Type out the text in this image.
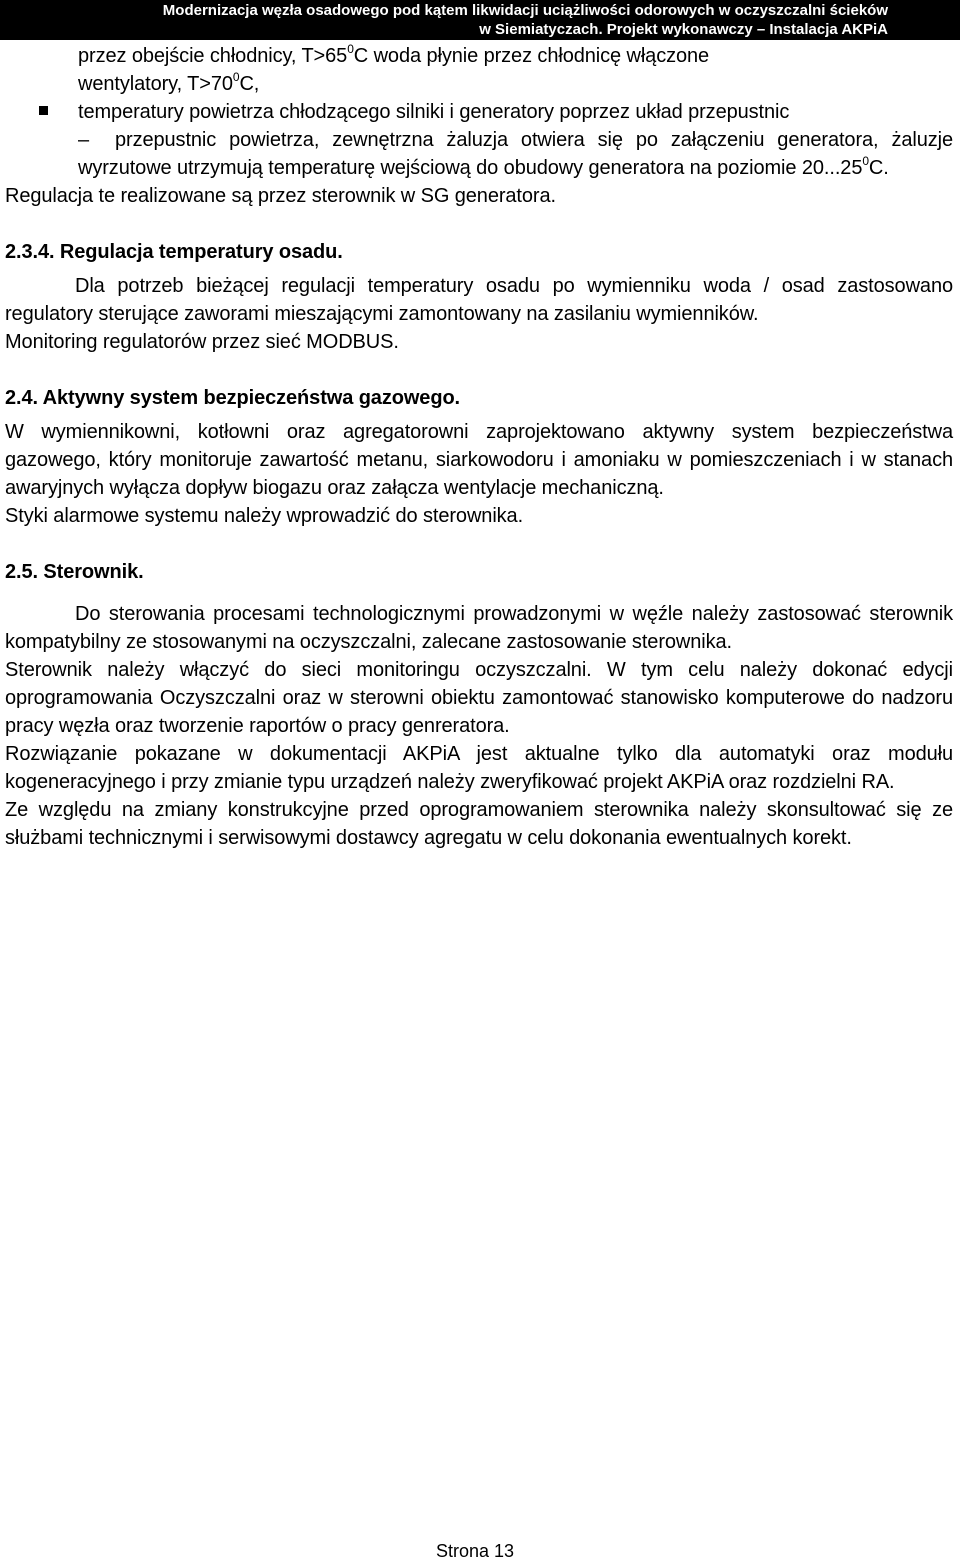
Modernizacja węzła osadowego pod kątem likwidacji uciążliwości odorowych w oczyszczalni ścieków
w Siemiatyczach. Projekt wykonawczy – Instalacja AKPiA

przez obejście chłodnicy, $T>65^0C$ woda płynie przez chłodnicę włączone

wentylatory, $T>70^0C$,

temperatury powietrza chłodzącego silniki i generatory poprzez układ przepustnic

–	przepustnic powietrza, zewnętrzna żaluzja otwiera się po załączeniu generatora, żaluzje wyrzutowe utrzymują temperaturę wejściową do obudowy generatora na poziomie 20...25$^0$C.

Regulacja te realizowane są przez sterownik w SG generatora.

2.3.4. Regulacja temperatury osadu.

Dla potrzeb bieżącej regulacji temperatury osadu po wymienniku woda / osad zastosowano regulatory sterujące zaworami mieszającymi zamontowany na zasilaniu wymienników.

Monitoring regulatorów przez sieć MODBUS.

2.4. Aktywny system bezpieczeństwa gazowego.

W wymiennikowni, kotłowni oraz agregatorowni zaprojektowano aktywny system bezpieczeństwa gazowego, który monitoruje zawartość metanu, siarkowodoru i amoniaku w pomieszczeniach i w stanach awaryjnych wyłącza dopływ biogazu oraz załącza wentylacje mechaniczną.

Styki alarmowe systemu należy wprowadzić do sterownika.

2.5. Sterownik.

Do sterowania procesami technologicznymi prowadzonymi w węźle należy zastosować sterownik kompatybilny ze stosowanymi na oczyszczalni, zalecane zastosowanie sterownika.

Sterownik należy włączyć do sieci monitoringu oczyszczalni. W tym celu należy dokonać edycji oprogramowania Oczyszczalni oraz w sterowni obiektu zamontować stanowisko komputerowe do nadzoru pracy węzła oraz tworzenie raportów o pracy genreratora.

Rozwiązanie pokazane w dokumentacji AKPiA jest aktualne tylko dla automatyki oraz modułu kogeneracyjnego i przy zmianie typu urządzeń należy zweryfikować projekt AKPiA oraz rozdzielni RA.

Ze względu na zmiany konstrukcyjne przed oprogramowaniem sterownika należy skonsultować się ze służbami technicznymi i serwisowymi dostawcy agregatu w celu dokonania ewentualnych korekt.

Strona 13
